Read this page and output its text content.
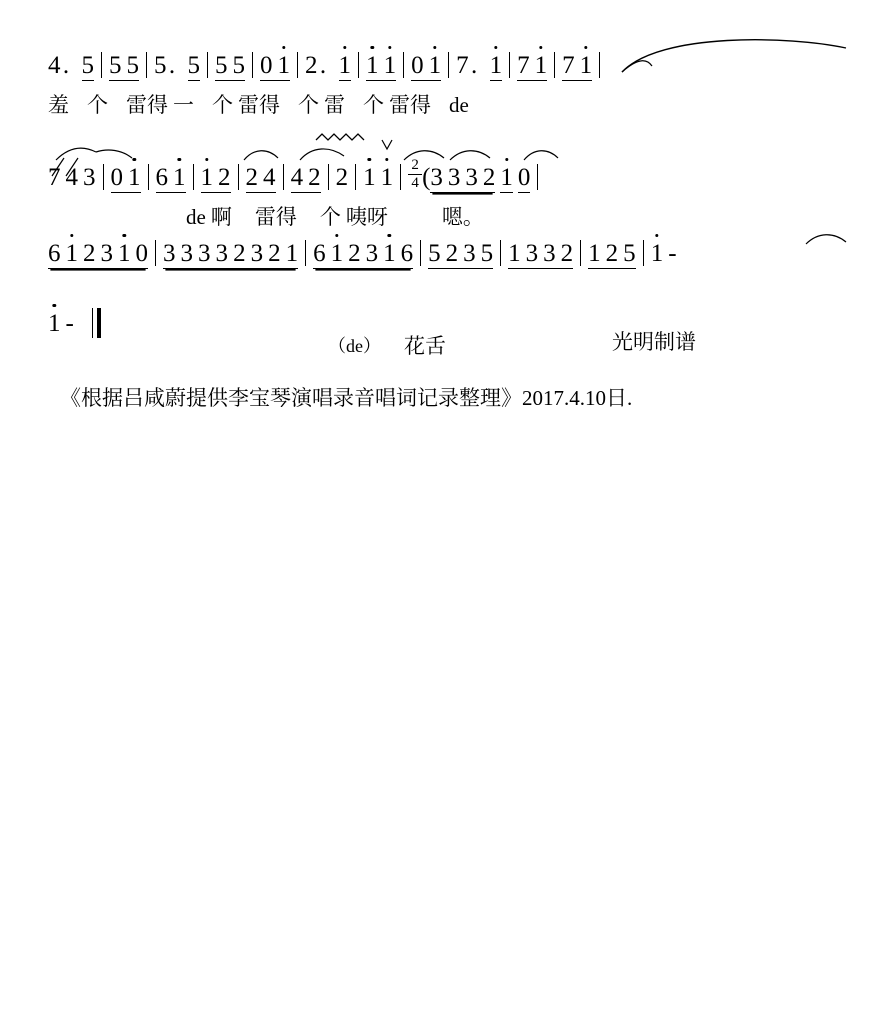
4. 5 5 5 5. 5 5 5 0 1 2. 1 1  1 0 1 7. 1 7 1 7 1
羞 个 雷得 一 个 雷得 个 雷 个 雷得 de
7 4 3 0 1 6 1 1 2 2 4 4 2 2 1 $1 \frac{2}{4} (3$ 3 3 2 1 0
de 啊 雷得 个 咦呀	嗯。
6 1 2 3 1 0 3 3 3 3 2 3 2 1 6 1 2 3 1 6 5 2 3 5 1 3 3 2 1 2 5 1 -
1 -
（de） 花舌	光明制谱
《根据吕咸蔚提供李宝琴演唱录音唱词记录整理》2017.4.10日.
